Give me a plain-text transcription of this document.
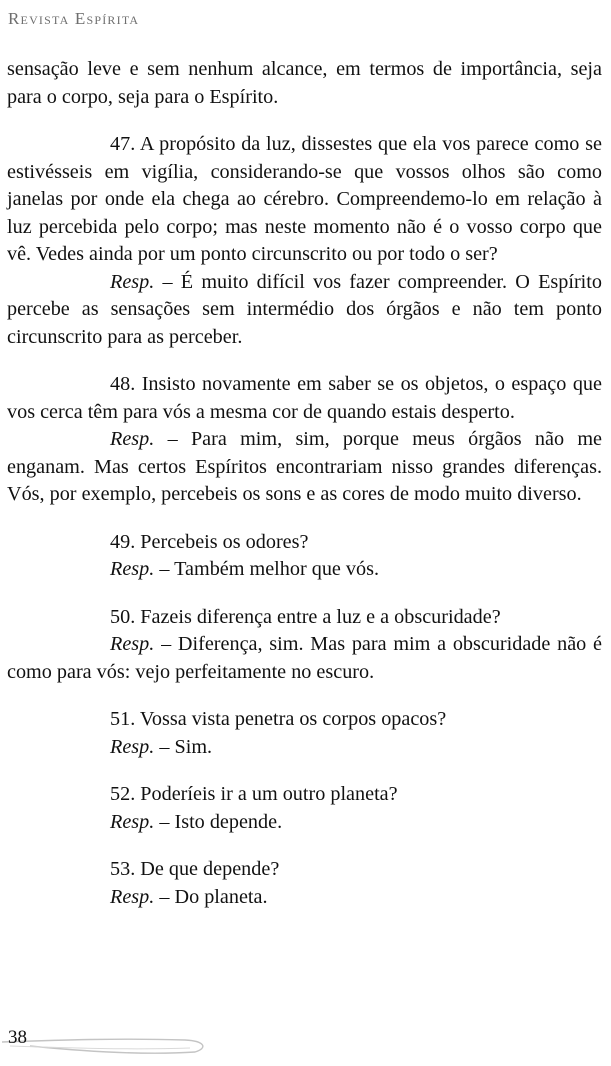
Revista Espírita

sensação leve e sem nenhum alcance, em termos de importância, seja para o corpo, seja para o Espírito.

47. A propósito da luz, dissestes que ela vos parece como se estivésseis em vigília, considerando-se que vossos olhos são como janelas por onde ela chega ao cérebro. Compreendemo-lo em relação à luz percebida pelo corpo; mas neste momento não é o vosso corpo que vê. Vedes ainda por um ponto circunscrito ou por todo o ser?

Resp. – É muito difícil vos fazer compreender. O Espírito percebe as sensações sem intermédio dos órgãos e não tem ponto circunscrito para as perceber.

48. Insisto novamente em saber se os objetos, o espaço que vos cerca têm para vós a mesma cor de quando estais desperto.

Resp. – Para mim, sim, porque meus órgãos não me enganam. Mas certos Espíritos encontrariam nisso grandes diferenças. Vós, por exemplo, percebeis os sons e as cores de modo muito diverso.

49. Percebeis os odores?

Resp. – Também melhor que vós.

50. Fazeis diferença entre a luz e a obscuridade?

Resp. – Diferença, sim. Mas para mim a obscuridade não é como para vós: vejo perfeitamente no escuro.

51. Vossa vista penetra os corpos opacos?

Resp. – Sim.

52. Poderíeis ir a um outro planeta?

Resp. – Isto depende.

53. De que depende?

Resp. – Do planeta.

38
